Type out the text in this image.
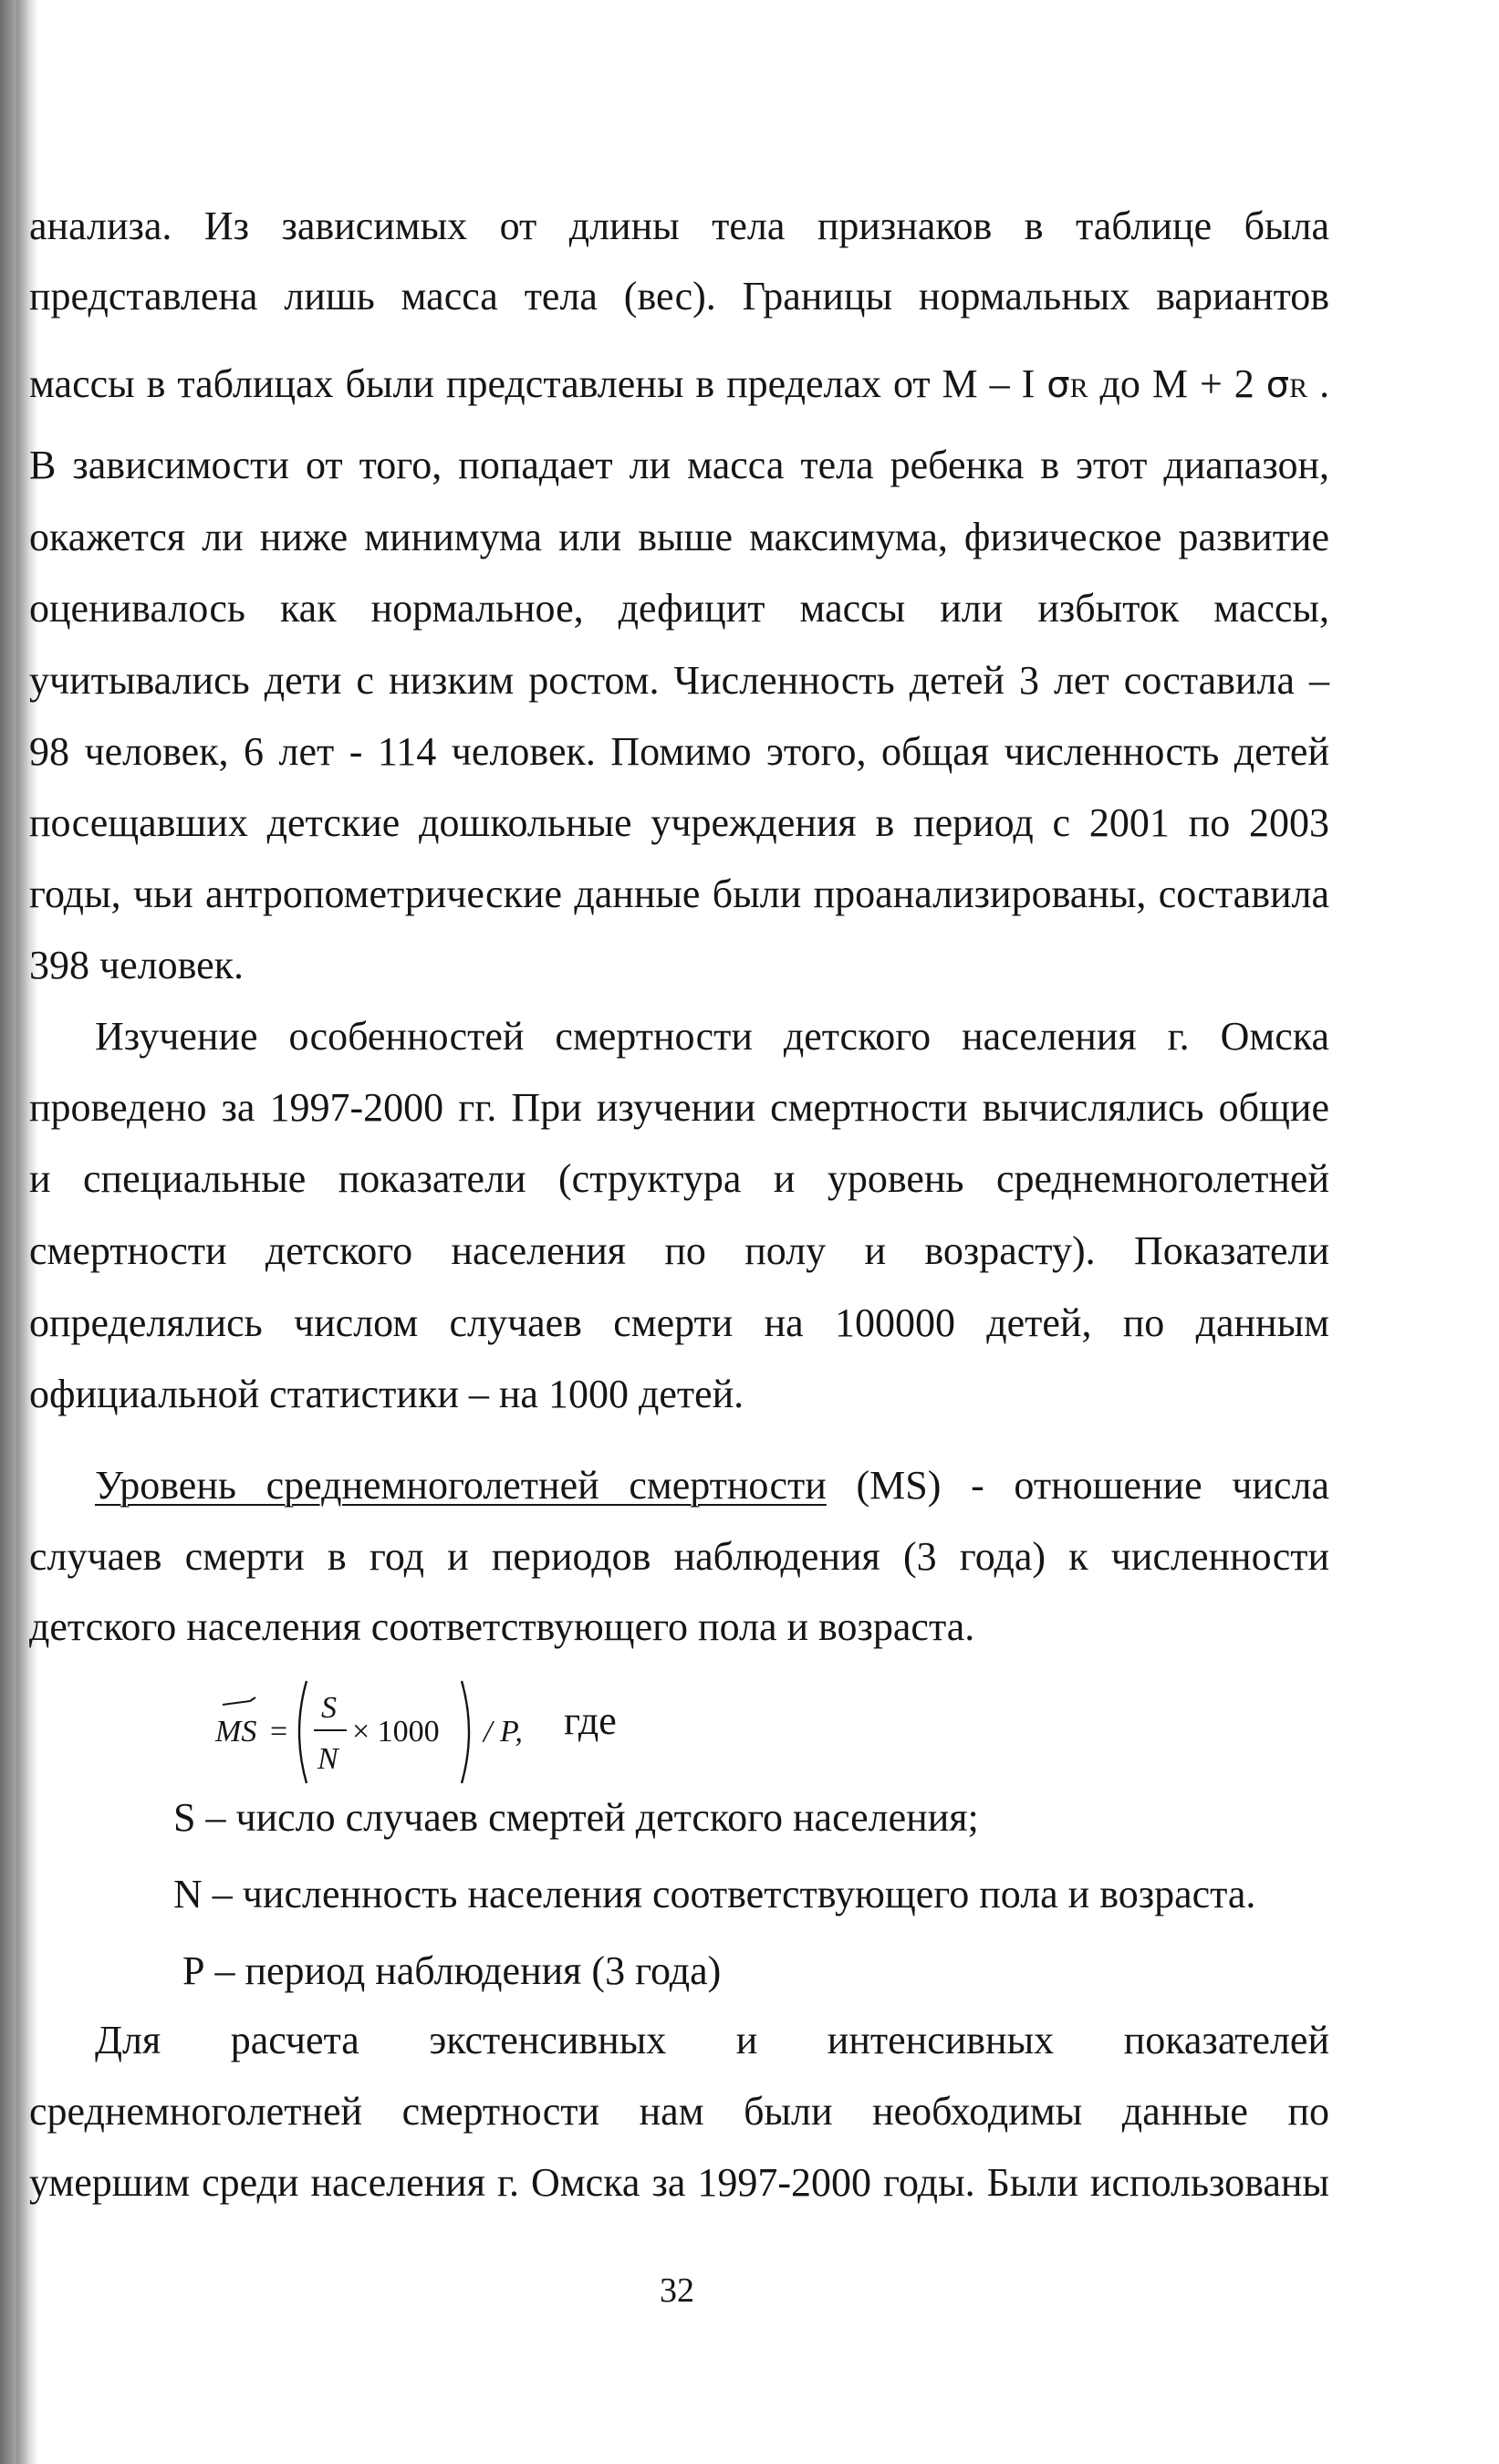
анализа. Из зависимых от длины тела признаков в таблице была
представлена лишь масса тела (вес). Границы нормальных вариантов
массы в таблицах были представлены в пределах от М – I σR до М + 2 σR .
В зависимости от того, попадает ли масса тела ребенка в этот диапазон,
окажется ли ниже минимума или выше максимума, физическое развитие
оценивалось как нормальное, дефицит массы или избыток массы,
учитывались дети с низким ростом. Численность детей 3 лет составила –
98 человек, 6 лет - 114 человек. Помимо этого, общая численность детей
посещавших детские дошкольные учреждения в период с 2001 по 2003
годы, чьи антропометрические данные были проанализированы, составила
398 человек.
Изучение особенностей смертности детского населения г. Омска
проведено за 1997-2000 гг. При изучении смертности вычислялись общие
и специальные показатели (структура и уровень среднемноголетней
смертности детского населения по полу и возрасту). Показатели
определялись числом случаев смерти на 100000 детей, по данным
официальной статистики – на 1000 детей.
Уровень среднемноголетней смертности (MS) - отношение числа
случаев смерти в год и периодов наблюдения (3 года) к численности
детского населения соответствующего пола и возраста.
MS =
S
N
× 1000 / P, где
S – число случаев смертей детского населения;
N – численность населения соответствующего пола и возраста.
Р – период наблюдения (3 года)
Для расчета экстенсивных и интенсивных показателей
среднемноголетней смертности нам были необходимы данные по
умершим среди населения г. Омска за 1997-2000 годы. Были использованы
32
